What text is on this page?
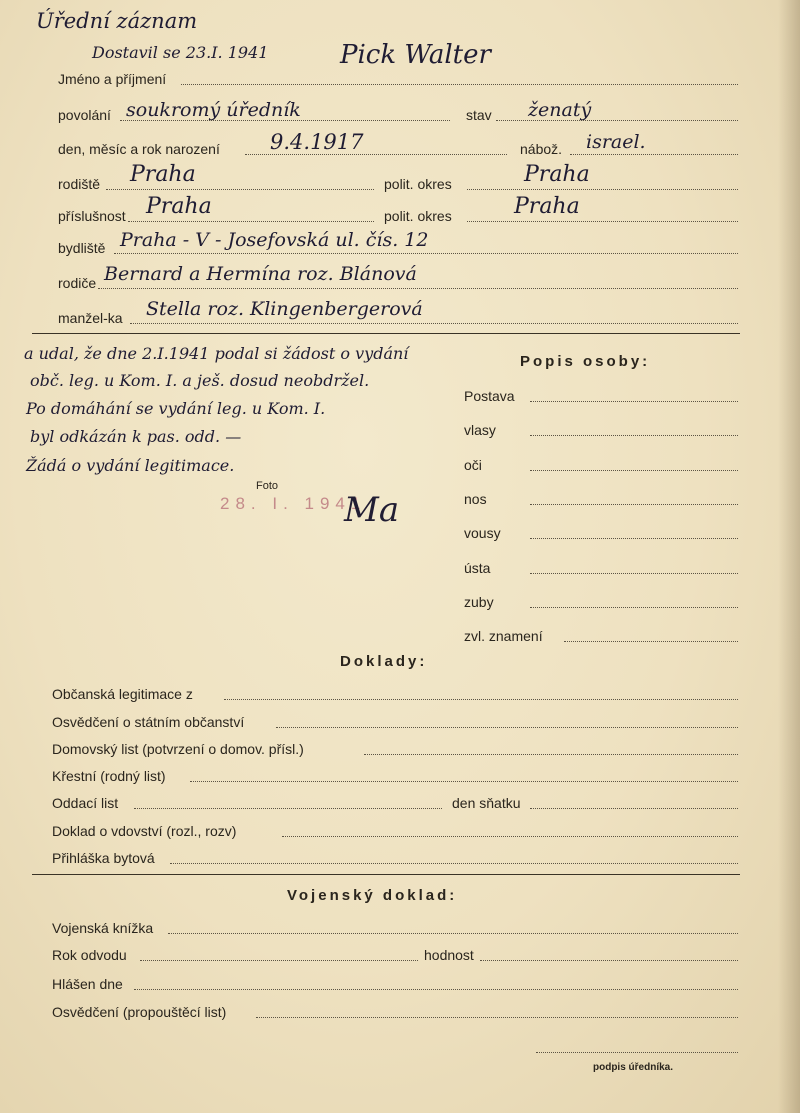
Úřední záznam
Dostavil se 23.I. 1941
Jméno a příjmení
Pick Walter
povolání soukromý úředník	stav ženatý
den, měsíc a rok narození 9.4.1917	nábož. israel.
rodiště Praha	polit. okres	Praha
příslušnost Praha	polit. okres	Praha
bydliště Praha - V - Josefovská ul. čís. 12
rodiče Bernard a Hermína roz. Blánová
manžel-ka Stella roz. Klingenbergerová
a udal, že dne 2.I.1941 podal si žádost o vydání
obč. leg. u Kom. I. a ješ. dosud neobdržel.
Po domáhání se vydání leg. u Kom. I.
byl odkázán k pas. odd. —
Žádá o vydání legitimace.
Foto
28. I. 1941
Ma
Popis osoby:
Doklady:
Občanská legitimace z
Osvědčení o státním občanství
Domovský list (potvrzení o domov. přísl.)
Křestní (rodný list)
Oddací list	den sňatku
Doklad o vdovství (rozl., rozv)
Přihláška bytová
Vojenský doklad:
Vojenská knížka
Rok odvodu	hodnost
Hlášen dne
Osvědčení (propouštěcí list)
podpis úředníka.
Postava
vlasy
oči
nos
vousy
ústa
zuby
zvl. znamení
